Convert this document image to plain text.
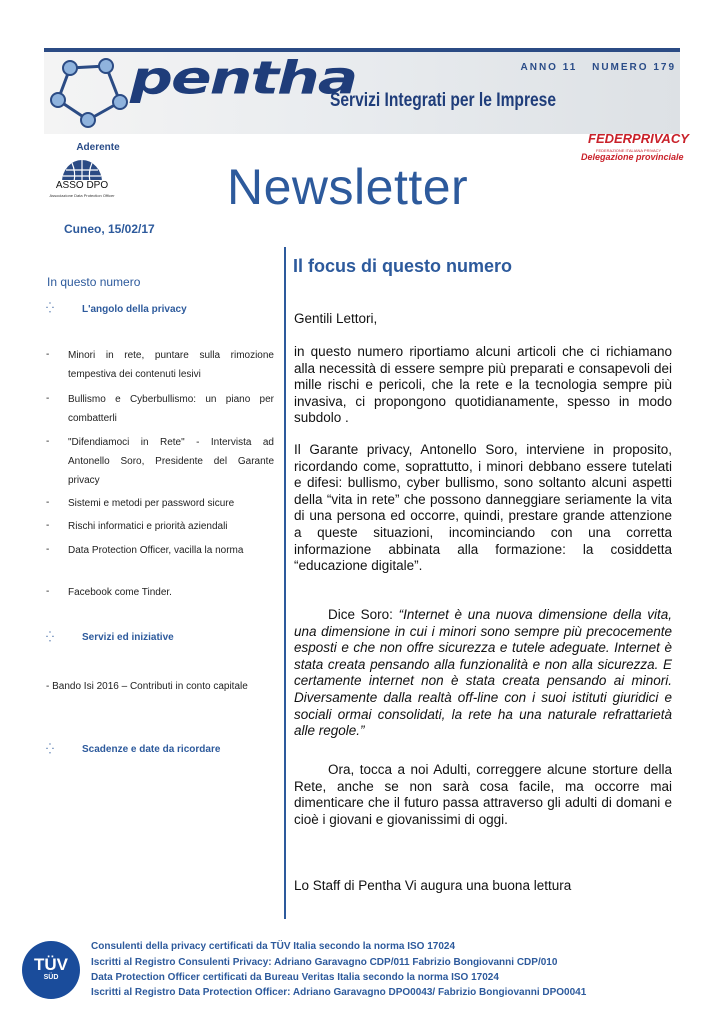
pentha
Servizi Integrati per le Imprese
ANNO 11 NUMERO 179
Aderente
ASSO DPO
Associazione Data Protection Officer
FEDERPRIVACY
FEDERAZIONE ITALIANA PRIVACY
Delegazione provinciale
Newsletter
Cuneo, 15/02/17
In questo numero
⁛	L'angolo della privacy
- Minori in rete, puntare sulla rimozione tempestiva dei contenuti lesivi
- Bullismo e Cyberbullismo: un piano per combatterli
- "Difendiamoci in Rete" - Intervista ad Antonello Soro, Presidente del Garante privacy
- Sistemi e metodi per password sicure
- Rischi informatici e priorità aziendali
- Data Protection Officer, vacilla la norma
- Facebook come Tinder.
⁛	Servizi ed iniziative
- Bando Isi 2016 – Contributi in conto capitale
⁛	Scadenze e date da ricordare
Il focus di questo numero
Gentili Lettori,
in questo numero riportiamo alcuni articoli che ci richiamano alla necessità di essere sempre più preparati e consapevoli dei mille rischi e pericoli, che la rete e la tecnologia sempre più invasiva, ci propongono quotidianamente, spesso in modo subdolo .
Il Garante privacy, Antonello Soro, interviene in proposito, ricordando come, soprattutto, i minori debbano essere tutelati e difesi: bullismo, cyber bullismo, sono soltanto alcuni aspetti della “vita in rete” che possono danneggiare seriamente la vita di una persona ed occorre, quindi, prestare grande attenzione a queste situazioni, incominciando con una corretta informazione abbinata alla formazione: la cosiddetta “educazione digitale”.
Dice Soro: “Internet è una nuova dimensione della vita, una dimensione in cui i minori sono sempre più precocemente esposti e che non offre sicurezza e tutele adeguate. Internet è stata creata pensando alla funzionalità e non alla sicurezza. E certamente internet non è stata creata pensando ai minori. Diversamente dalla realtà off-line con i suoi istituti giuridici e sociali ormai consolidati, la rete ha una naturale refrattarietà alle regole.”
Ora, tocca a noi Adulti, correggere alcune storture della Rete, anche se non sarà cosa facile, ma occorre mai dimenticare che il futuro passa attraverso gli adulti di domani e cioè i giovani e giovanissimi di oggi.
Lo Staff di Pentha Vi augura una buona lettura
TÜV
SÜD
Consulenti della privacy certificati da TÜV Italia secondo la norma ISO 17024
Iscritti al Registro Consulenti Privacy: Adriano Garavagno CDP/011 Fabrizio Bongiovanni CDP/010
Data Protection Officer certificati da Bureau Veritas Italia secondo la norma ISO 17024
Iscritti al Registro Data Protection Officer: Adriano Garavagno DPO0043/ Fabrizio Bongiovanni DPO0041
